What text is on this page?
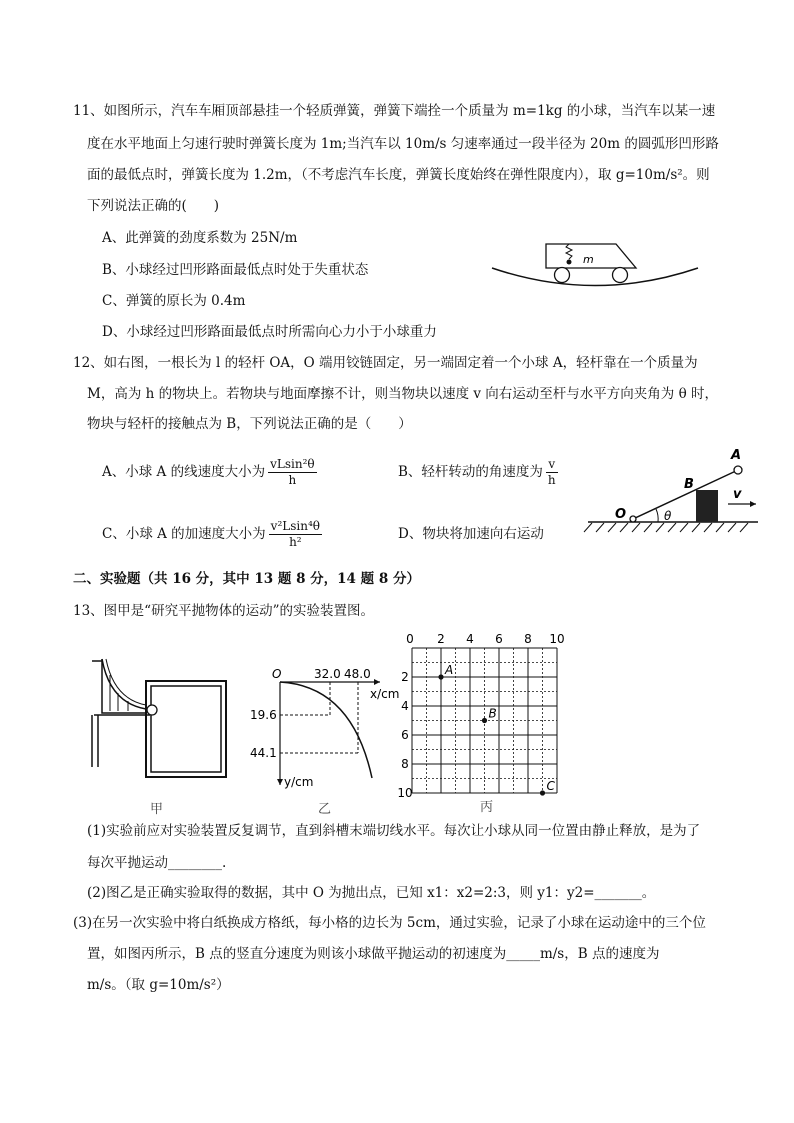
11、如图所示，汽车车厢顶部悬挂一个轻质弹簧，弹簧下端拴一个质量为 m=1kg 的小球，当汽车以某一速
度在水平地面上匀速行驶时弹簧长度为 1m;当汽车以 10m/s 匀速率通过一段半径为 20m 的圆弧形凹形路
面的最低点时，弹簧长度为 1.2m，（不考虑汽车长度，弹簧长度始终在弹性限度内），取 g=10m/s²。则
下列说法正确的(　　)
A、此弹簧的劲度系数为 25N/m
B、小球经过凹形路面最低点时处于失重状态
C、弹簧的原长为 0.4m
D、小球经过凹形路面最低点时所需向心力小于小球重力
m
12、如右图，一根长为 l 的轻杆 OA，O 端用铰链固定，另一端固定着一个小球 A，轻杆靠在一个质量为
M，高为 h 的物块上。若物块与地面摩擦不计，则当物块以速度 v 向右运动至杆与水平方向夹角为 θ 时，
物块与轻杆的接触点为 B，下列说法正确的是（　　）
A、小球 A 的线速度大小为 $\frac{\text{vLsin²θ}}{h}$	B、轻杆转动的角速度为 $\frac{v}{h}$
C、小球 A 的加速度大小为 $\frac{\text{v²Lsin⁴θ}}{\text{h²}}$	D、物块将加速向右运动
A
B
O	θ
v
二、实验题（共 16 分，其中 13 题 8 分，14 题 8 分）
13、图甲是“研究平抛物体的运动”的实验装置图。
甲
O	32.0 48.0
x/cm
19.6
44.1
y/cm
乙
0 2 4 6 8 10
2
4
6
8
10
A
B
C
丙
(1)实验前应对实验装置反复调节，直到斜槽末端切线水平。每次让小球从同一位置由静止释放，是为了
每次平抛运动________.
(2)图乙是正确实验取得的数据，其中 O 为抛出点，已知 x1：x2=2:3，则 y1：y2=_______。
(3)在另一次实验中将白纸换成方格纸，每小格的边长为 5cm，通过实验，记录了小球在运动途中的三个位
置，如图丙所示，B 点的竖直分速度为则该小球做平抛运动的初速度为_____m/s，B 点的速度为
m/s。（取 g=10m/s²）
